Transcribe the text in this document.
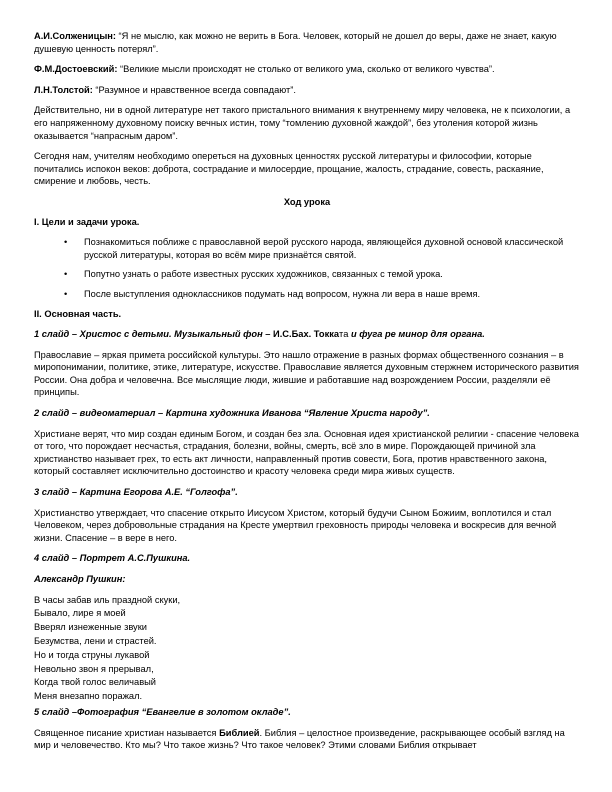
А.И.Солженицын: “Я не мыслю, как можно не верить в Бога. Человек, который не дошел до веры, даже не знает, какую душевую ценность потерял”.

Ф.М.Достоевский: “Великие мысли происходят не столько от великого ума, сколько от великого чувства”.

Л.Н.Толстой: “Разумное и нравственное всегда совпадают”.

Действительно, ни в одной литературе нет такого пристального внимания к внутреннему миру человека, не к психологии, а его напряженному духовному поиску вечных истин, тому “томлению духовной жаждой”, без утоления которой жизнь оказывается “напрасным даром”.

Сегодня нам, учителям необходимо опереться на духовных ценностях русской литературы и философии, которые почитались испокон веков: доброта, сострадание и милосердие, прощание, жалость, страдание, совесть, раскаяние, смирение и любовь, честь.

Ход урока

I. Цели и задачи урока.

• Познакомиться поближе с православной верой русского народа, являющейся духовной основой классической русской литературы, которая во всём мире признаётся святой.
• Попутно узнать о работе известных русских художников, связанных с темой урока.
• После выступления одноклассников подумать над вопросом, нужна ли вера в наше время.

II. Основная часть.

1 слайд – Христос с детьми. Музыкальный фон – И.С.Бах. Токката и фуга ре минор для органа.

Православие – яркая примета российской культуры. Это нашло отражение в разных формах общественного сознания – в миропонимании, политике, этике, литературе, искусстве. Православие является духовным стержнем исторического развития России. Она добра и человечна. Все мыслящие люди, жившие и работавшие над возрождением России, разделяли её принципы.

2 слайд – видеоматериал – Картина художника Иванова “Явление Христа народу”.

Христиане верят, что мир создан единым Богом, и создан без зла. Основная идея христианской религии - спасение человека от того, что порождает несчастья, страдания, болезни, войны, смерть, всё зло в мире. Порождающей причиной зла христианство называет грех, то есть акт личности, направленный против совести, Бога, против нравственного закона, который составляет исключительно достоинство и красоту человека среди мира живых существ.

3 слайд – Картина Егорова А.Е. “Голгофа”.

Христианство утверждает, что спасение открыто Иисусом Христом, который будучи Сыном Божиим, воплотился и стал Человеком, через добровольные страдания на Кресте умертвил греховность природы человека и воскресив для вечной жизни. Спасение – в вере в него.

4 слайд – Портрет А.С.Пушкина.

Александр Пушкин:

В часы забав иль праздной скуки,
Бывало, лире я моей
Вверял изнеженные звуки
Безумства, лени и страстей.
Но и тогда струны лукавой
Невольно звон я прерывал,
Когда твой голос величавый
Меня внезапно поражал.

5 слайд –Фотография “Евангелие в золотом окладе”.

Священное писание христиан называется Библией. Библия – целостное произведение, раскрывающее особый взгляд на мир и человечество. Кто мы? Что такое жизнь? Что такое человек? Этими словами Библия открывает
